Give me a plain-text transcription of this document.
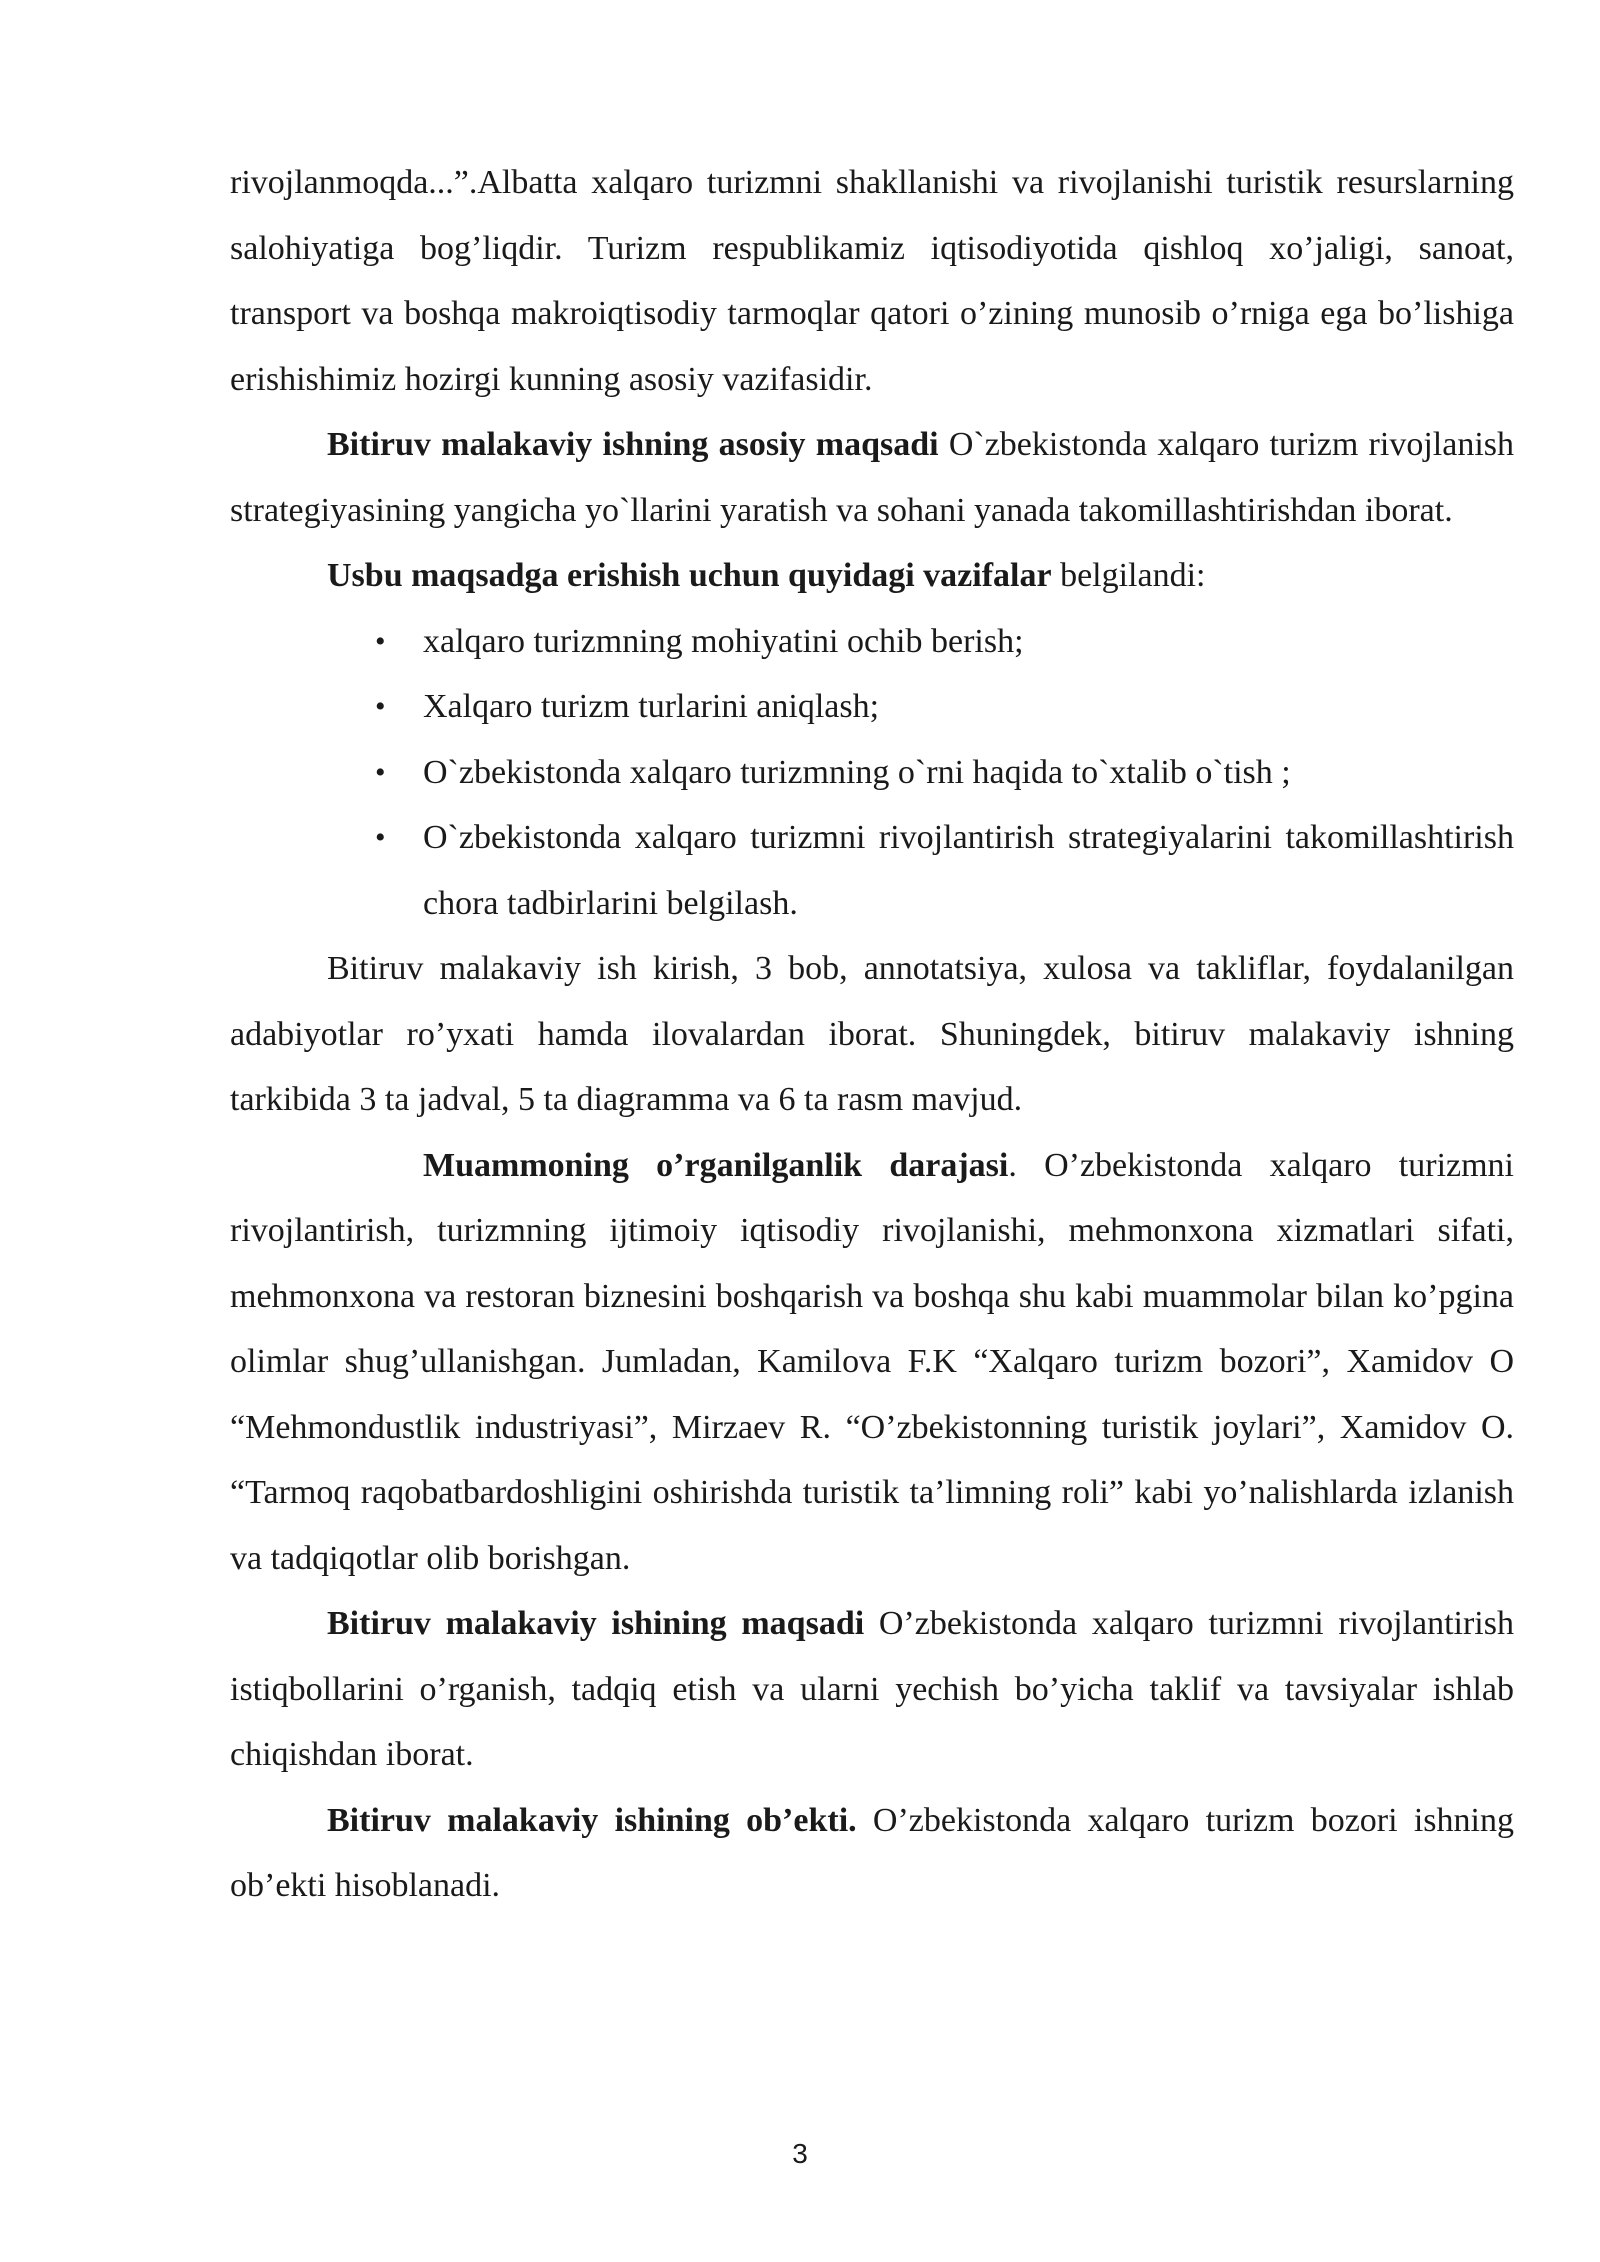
rivojlanmoqda...”.Albatta xalqaro turizmni shakllanishi va rivojlanishi turistik resurslarning salohiyatiga bog’liqdir. Turizm respublikamiz iqtisodiyotida qishloq xo’jaligi, sanoat, transport va boshqa makroiqtisodiy tarmoqlar qatori o’zining munosib o’rniga ega bo’lishiga erishishimiz hozirgi kunning asosiy vazifasidir.

Bitiruv malakaviy ishning asosiy maqsadi O`zbekistonda xalqaro turizm rivojlanish strategiyasining yangicha yo`llarini yaratish va sohani yanada takomillashtirishdan iborat.

Usbu maqsadga erishish uchun quyidagi vazifalar belgilandi:

• xalqaro turizmning mohiyatini ochib berish;
• Xalqaro turizm turlarini aniqlash;
• O`zbekistonda xalqaro turizmning o`rni haqida to`xtalib o`tish ;
• O`zbekistonda xalqaro turizmni rivojlantirish strategiyalarini takomillashtirish chora tadbirlarini belgilash.

Bitiruv malakaviy ish kirish, 3 bob, annotatsiya, xulosa va takliflar, foydalanilgan adabiyotlar ro’yxati hamda ilovalardan iborat. Shuningdek, bitiruv malakaviy ishning tarkibida 3 ta jadval, 5 ta diagramma va 6 ta rasm mavjud.

Muammoning o’rganilganlik darajasi. O’zbekistonda xalqaro turizmni rivojlantirish, turizmning ijtimoiy iqtisodiy rivojlanishi, mehmonxona xizmatlari sifati, mehmonxona va restoran biznesini boshqarish va boshqa shu kabi muammolar bilan ko’pgina olimlar shug’ullanishgan. Jumladan, Kamilova F.K “Xalqaro turizm bozori”, Xamidov O “Mehmondustlik industriyasi”, Mirzaev R. “O’zbekistonning turistik joylari”, Xamidov O. “Tarmoq raqobatbardoshligini oshirishda turistik ta’limning roli” kabi yo’nalishlarda izlanish va tadqiqotlar olib borishgan.

Bitiruv malakaviy ishining maqsadi O’zbekistonda xalqaro turizmni rivojlantirish istiqbollarini o’rganish, tadqiq etish va ularni yechish bo’yicha taklif va tavsiyalar ishlab chiqishdan iborat.

Bitiruv malakaviy ishining ob’ekti. O’zbekistonda xalqaro turizm bozori ishning ob’ekti hisoblanadi.

3
